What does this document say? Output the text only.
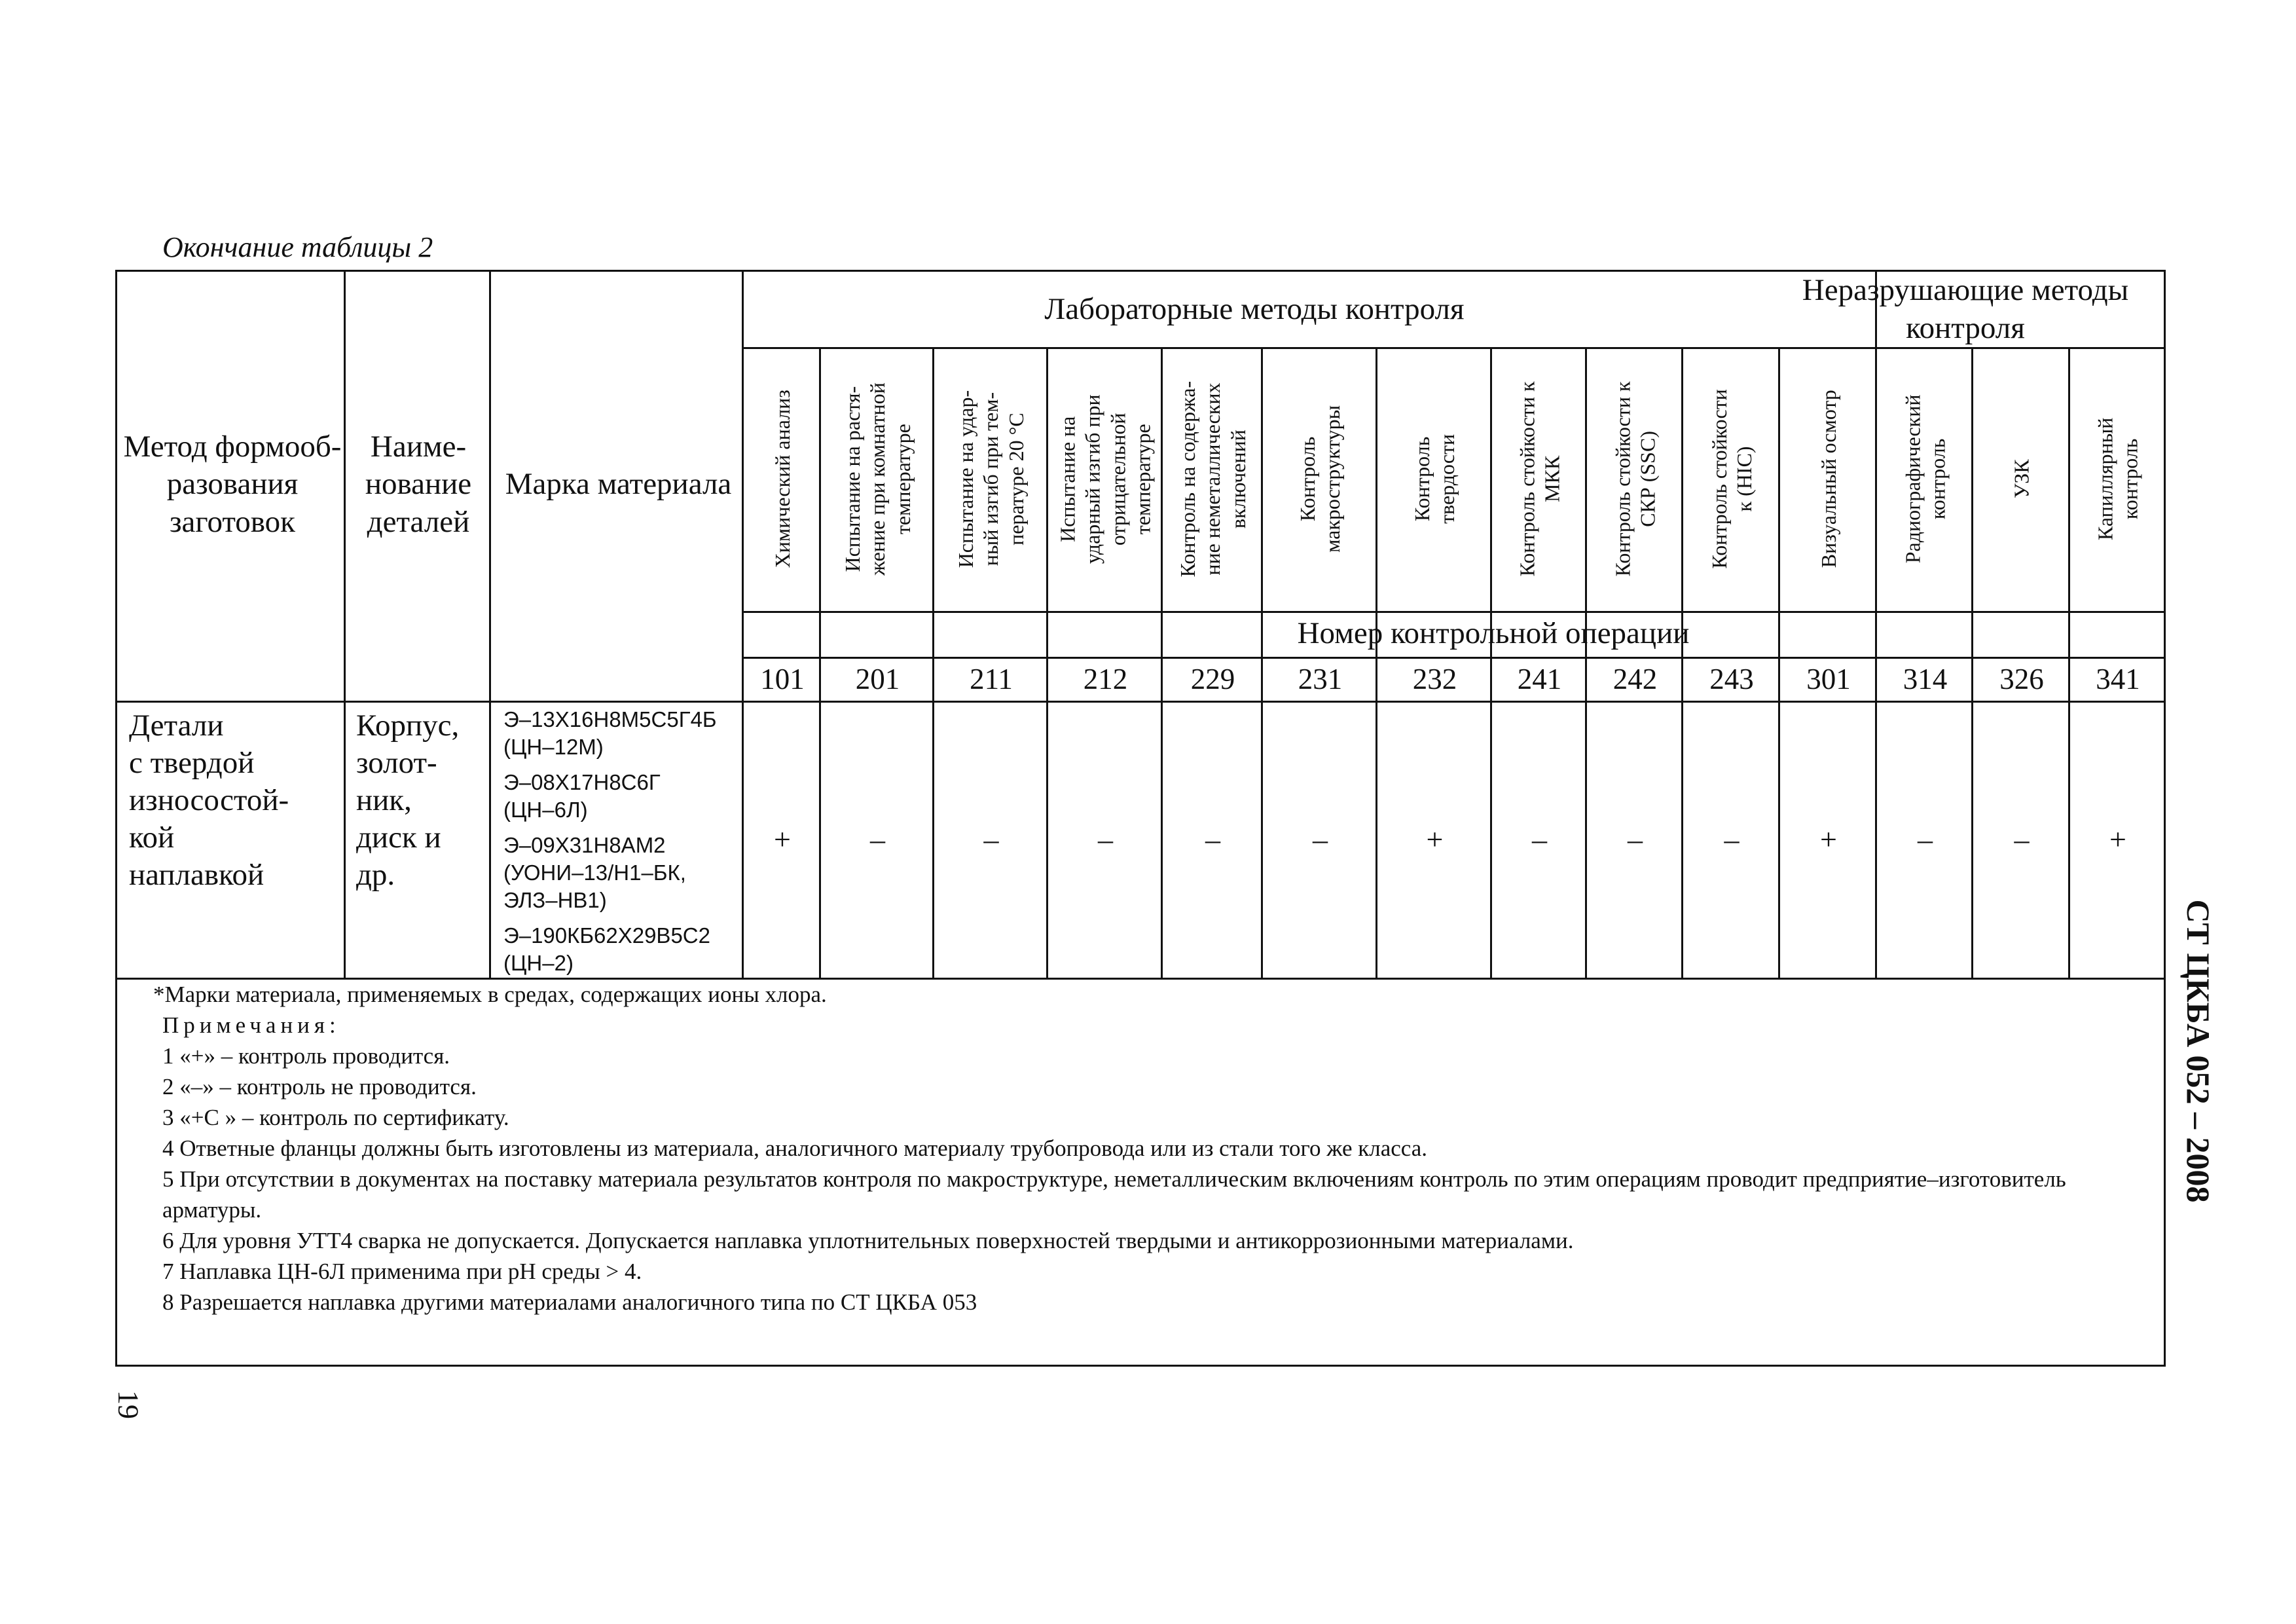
Окончание таблицы 2
Метод формооб-разования заготовок
Наиме-нование деталей
Марка материала
Лабораторные методы контроля
Неразрушающие методы контроля
Номер контрольной операции
Химический анализ
101
+
Испытание на растя-
жение при комнатной
температуре
201
–
Испытание на удар-
ный изгиб при тем-
пературе 20 °С
211
–
Испытание на
ударный изгиб при
отрицательной
температуре
212
–
Контроль на содержа-
ние неметаллических
включений
229
–
Контроль
макроструктуры
231
–
Контроль
твердости
232
+
Контроль стойкости к
МКК
241
–
Контроль стойкости к
СКР (SSC)
242
–
Контроль стойкости
к (HIC)
243
–
Визуальный осмотр
301
+
Радиографический
контроль
314
–
УЗК
326
–
Капиллярный
контроль
341
+
Детали
с твердой
износостой-
кой
наплавкой
Корпус,
золот-
ник,
диск и
др.
Э–13Х16Н8М5С5Г4Б
(ЦН–12М)
Э–08Х17Н8С6Г
(ЦН–6Л)
Э–09Х31Н8АМ2
(УОНИ–13/Н1–БК,
ЭЛЗ–НВ1)
Э–190КБ62Х29В5С2
(ЦН–2)
*Марки материала, применяемых в средах, содержащих ионы хлора.
Примечания:
1 «+» – контроль проводится.
2 «–» – контроль не проводится.
3 «+С » – контроль по сертификату.
4 Ответные фланцы должны быть изготовлены из материала, аналогичного материалу трубопровода или из стали того же класса.
5 При отсутствии в документах на поставку материала результатов контроля по макроструктуре, неметаллическим включениям контроль по этим операциям проводит предприятие–изготовитель арматуры.
6 Для уровня УТТ4 сварка не допускается. Допускается наплавка уплотнительных поверхностей твердыми и антикоррозионными материалами.
7 Наплавка ЦН-6Л применима при рН среды > 4.
8 Разрешается наплавка другими материалами аналогичного типа по СТ ЦКБА 053
СТ ЦКБА 052 – 2008
19
